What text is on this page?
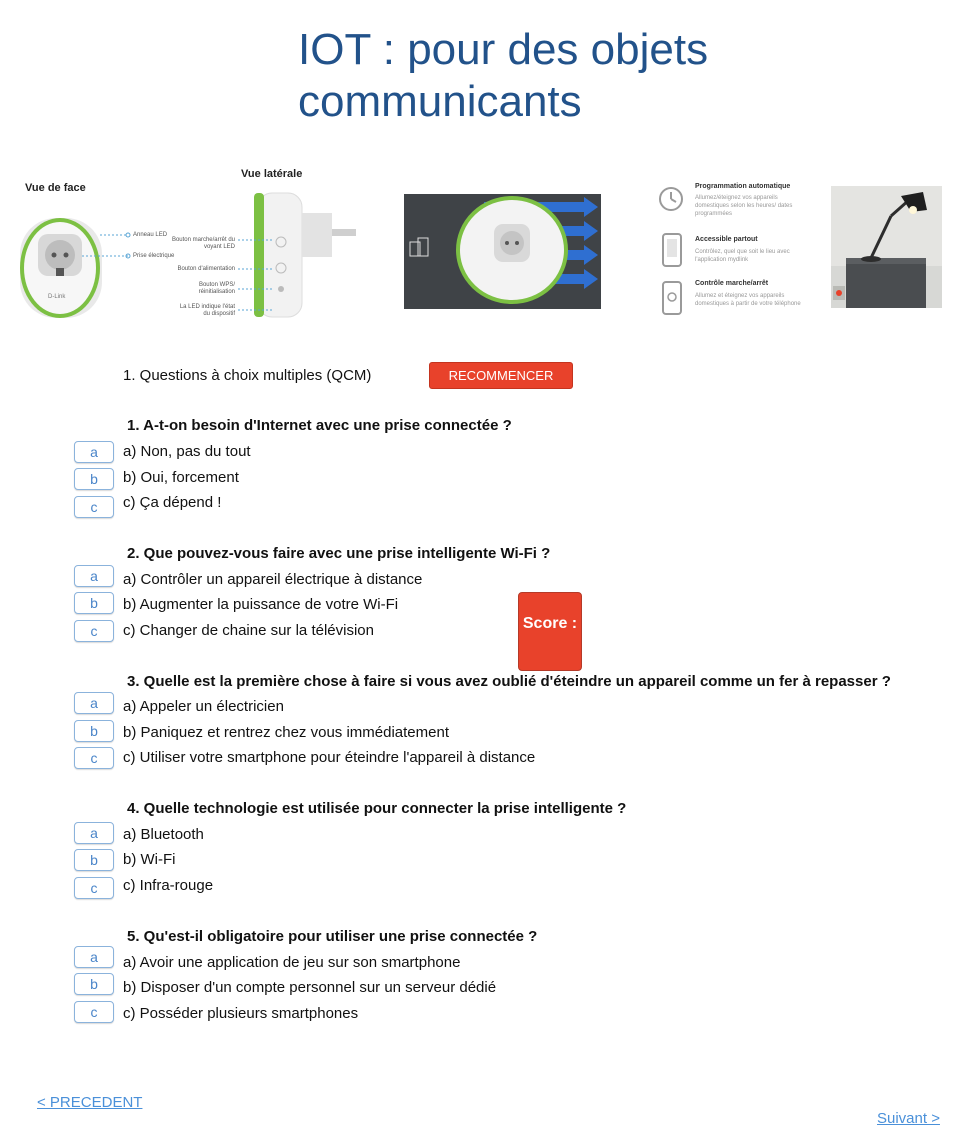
IOT : pour des objets
communicants
Vue de face
D-Link
Anneau LED
Prise électrique
Vue latérale
Bouton marche/arrêt du voyant LED
Bouton d'alimentation
Bouton WPS/ réinitialisation
La LED indique l'état du dispositif
Programmation automatique
Allumez/éteignez vos appareils domestiques selon les heures/ dates programmées
Accessible partout
Contrôlez, quel que soit le lieu avec l'application mydlink
Contrôle marche/arrêt
Allumez et éteignez vos appareils domestiques à partir de votre téléphone
1. Questions à choix multiples (QCM)	RECOMMENCER
1. A-t-on besoin d'Internet avec une prise connectée ?
a	a) Non, pas du tout
b	b) Oui, forcement
c	c) Ça dépend !
2. Que pouvez-vous faire avec une prise intelligente Wi-Fi ?
a	a) Contrôler un appareil électrique à distance
b	b) Augmenter la puissance de votre Wi-Fi
c	c) Changer de chaine sur la télévision	Score :
3. Quelle est la première chose à faire si vous avez oublié d'éteindre un appareil comme un fer à repasser ?
a	a) Appeler un électricien
b	b) Paniquez et rentrez chez vous immédiatement
c	c) Utiliser votre smartphone pour éteindre l'appareil à distance
4. Quelle technologie est utilisée pour connecter la prise intelligente ?
a	a) Bluetooth
b	b) Wi-Fi
c	c) Infra-rouge
5. Qu'est-il obligatoire pour utiliser une prise connectée ?
a	a) Avoir une application de jeu sur son smartphone
b	b) Disposer d'un compte personnel sur un serveur dédié
c	c) Posséder plusieurs smartphones
< PRECEDENT
Suivant >
